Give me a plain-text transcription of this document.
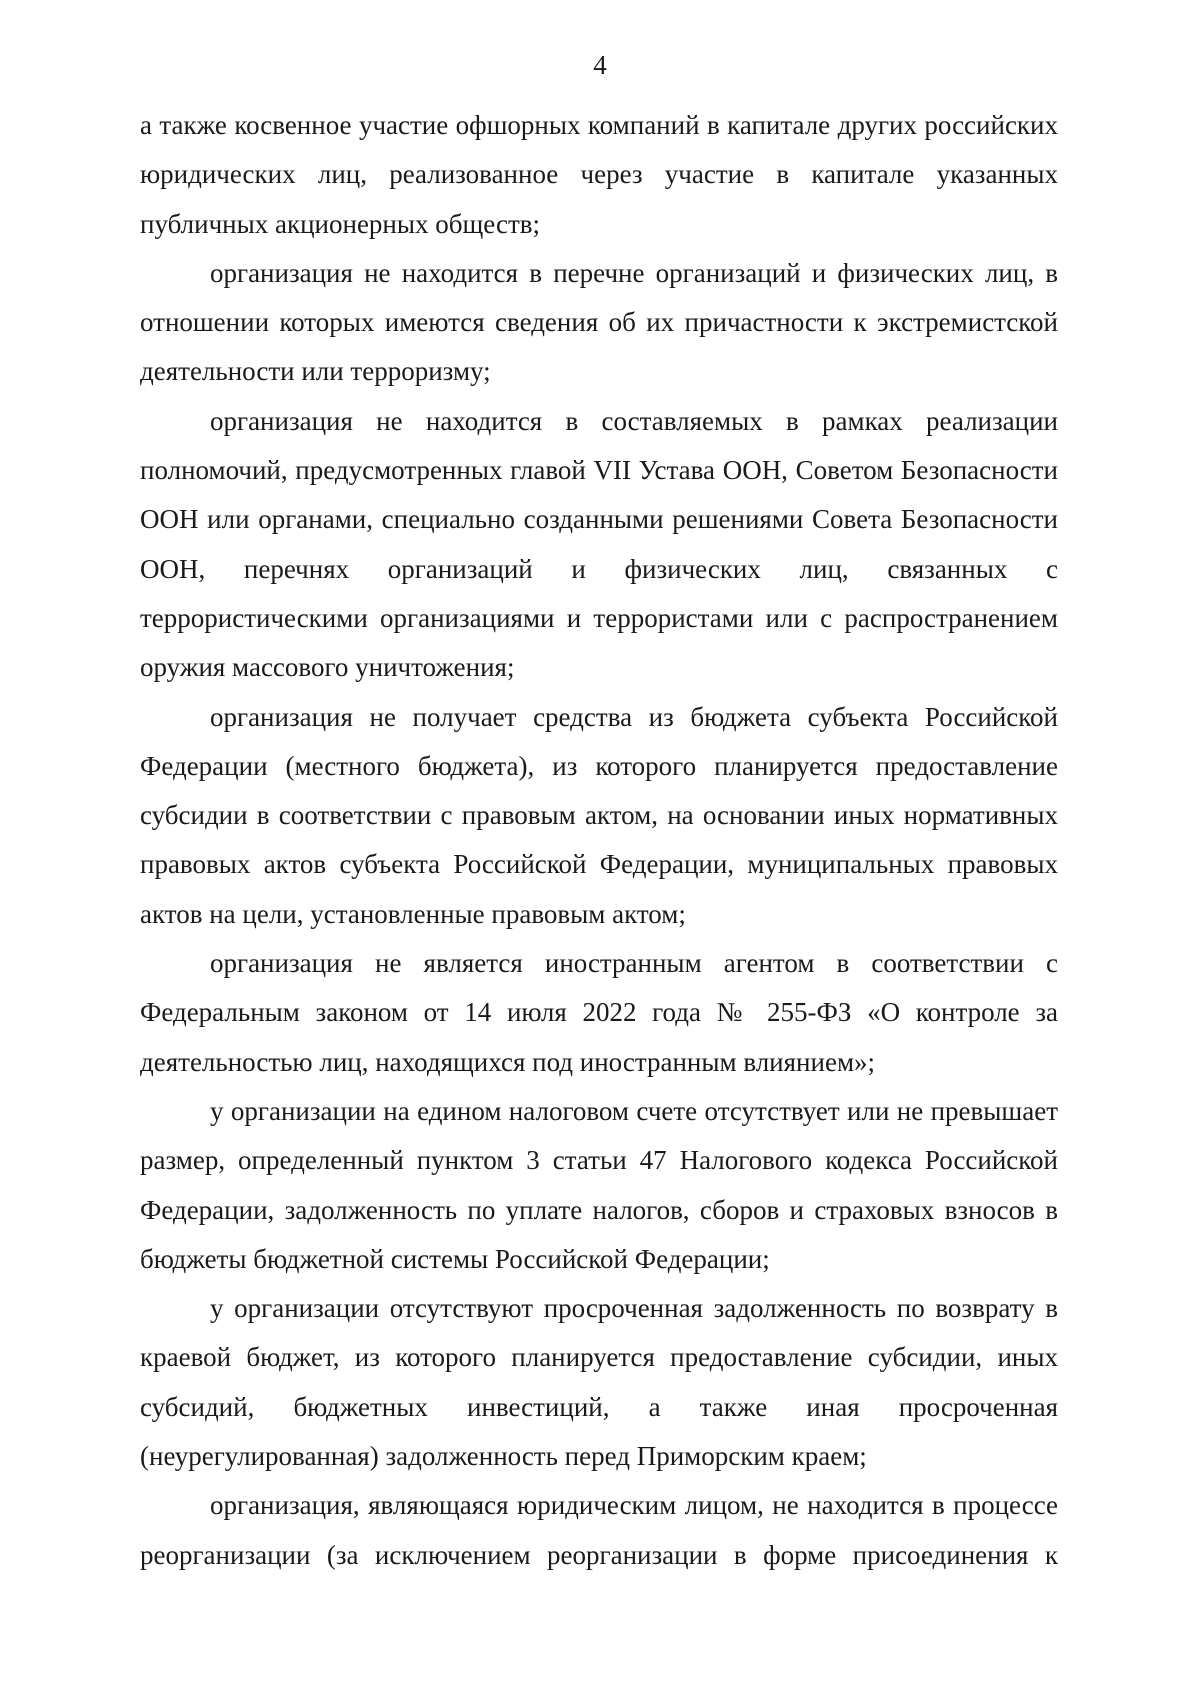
4

а также косвенное участие офшорных компаний в капитале других российских юридических лиц, реализованное через участие в капитале указанных публичных акционерных обществ;

организация не находится в перечне организаций и физических лиц, в отношении которых имеются сведения об их причастности к экстремистской деятельности или терроризму;

организация не находится в составляемых в рамках реализации полномочий, предусмотренных главой VII Устава ООН, Советом Безопасности ООН или органами, специально созданными решениями Совета Безопасности ООН, перечнях организаций и физических лиц, связанных с террористическими организациями и террористами или с распространением оружия массового уничтожения;

организация не получает средства из бюджета субъекта Российской Федерации (местного бюджета), из которого планируется предоставление субсидии в соответствии с правовым актом, на основании иных нормативных правовых актов субъекта Российской Федерации, муниципальных правовых актов на цели, установленные правовым актом;

организация не является иностранным агентом в соответствии с Федеральным законом от 14 июля 2022 года № 255-ФЗ «О контроле за деятельностью лиц, находящихся под иностранным влиянием»;

у организации на едином налоговом счете отсутствует или не превышает размер, определенный пунктом 3 статьи 47 Налогового кодекса Российской Федерации, задолженность по уплате налогов, сборов и страховых взносов в бюджеты бюджетной системы Российской Федерации;

у организации отсутствуют просроченная задолженность по возврату в краевой бюджет, из которого планируется предоставление субсидии, иных субсидий, бюджетных инвестиций, а также иная просроченная (неурегулированная) задолженность перед Приморским краем;

организация, являющаяся юридическим лицом, не находится в процессе реорганизации (за исключением реорганизации в форме присоединения к
